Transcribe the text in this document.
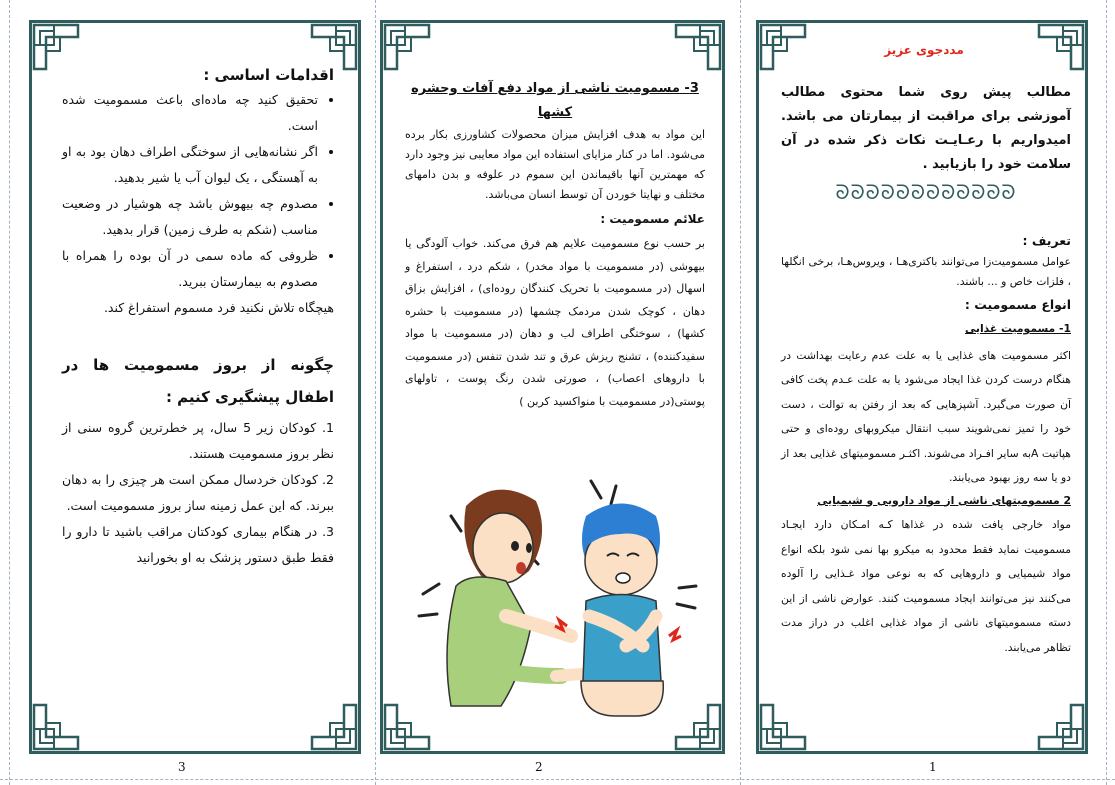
اقدامات اساسی :

• تحقیق کنید چه ماده‌ای باعث مسمومیت شده است.
• اگر نشانه‌هایی از سوختگی اطراف دهان بود به او به آهستگی ، یک لیوان آب یا شیر بدهید.
• مصدوم چه بیهوش باشد چه هوشیار در وضعیت مناسب (شکم به طرف زمین) قرار بدهید.
• ظروفی که ماده سمی در آن بوده را همراه با مصدوم به بیمارستان ببرید.

هیچگاه تلاش نکنید فرد مسموم استفراغ کند.

چگونه از بروز مسمومیت ها در اطفال پیشگیری کنیم :

1. کودکان زیر 5 سال، پر خطرترین گروه سنی از نظر بروز مسمومیت هستند.

2. کودکان خردسال ممکن است هر چیزی را به دهان ببرند. که این عمل زمینه ساز بروز مسمومیت است.

3. در هنگام بیماری کودکتان مراقب باشید تا دارو را فقط طبق دستور پزشک به او بخورانید

3

3- مسمومیت ناشی از مواد دفع آفات وحشره کشها

این مواد به هدف افزایش میزان محصولات کشاورزی بکار برده می‌شود. اما در کنار مزایای استفاده این مواد معایبی نیز وجود دارد که مهمترین آنها باقیماندن این سموم در علوفه و بدن دامهای مختلف و نهایتا خوردن آن توسط انسان می‌باشد.

علائم مسمومیت :

بر حسب نوع مسمومیت علایم هم فرق می‌کند. خواب آلودگی یا بیهوشی (در مسمومیت با مواد مخدر) ، شکم درد ، استفراغ و اسهال (در مسمومیت با تحریک کنندگان روده‌ای) ، افزایش بزاق دهان ، کوچک شدن مردمک چشمها (در مسمومیت با حشره کشها) ، سوختگی اطراف لب و دهان (در مسمومیت با مواد سفیدکننده) ، تشنج ریزش عرق و تند شدن تنفس (در مسمومیت با داروهای اعصاب) ، صورتی شدن رنگ پوست ، تاولهای پوستی(در مسمومیت با منواکسید کربن )

2

مددجوی عزیز

مطالب پیش روی شما محتوی مطالب آموزشی برای مراقبت از بیمارتان می باشد. امیدواریم با رعـایـت نکات ذکر شده در آن سلامت خود را بازیابید .

ᘐᘐᘐᘐᘐᘐᘐᘐᘐᘐᘐᘐ

تعریف :

عوامل مسمومیت‌زا می‌توانند باکتری‌هـا ، ویروس‌هـا، برخی انگلها ، فلزات خاص و ... باشند.

انواع مسمومیت :

1- مسمومیت غذایی

اکثر مسمومیت های غذایی یا به علت عدم رعایت بهداشت در هنگام درست کردن غذا ایجاد می‌شود یا به علت عـدم پخت کافی آن صورت می‌گیرد. آشپزهایی که بعد از رفتن به توالت ، دست خود را تمیز نمی‌شویند سبب انتقال میکروبهای روده‌ای و حتی هپاتیت Aبه سایر افـراد می‌شوند. اکثـر مسمومیتهای غذایی بعد از دو یا سه روز بهبود می‌یابند.

2 مسمومیتهای ناشی از مواد دارویی و شیمیایی

مواد خارجی یافت شده در غذاها کـه امـکان دارد ایجـاد مسمومیت نماید فقط محدود به میکرو بها نمی شود بلکه انواع مواد شیمیایی و داروهایی که به نوعی مواد غـذایی را آلوده می‌کنند نیز می‌توانند ایجاد مسمومیت کنند. عوارض ناشی از این دسته مسمومیتهای ناشی از مواد غذایی اغلب در دراز مدت تظاهر می‌یابند.

1
